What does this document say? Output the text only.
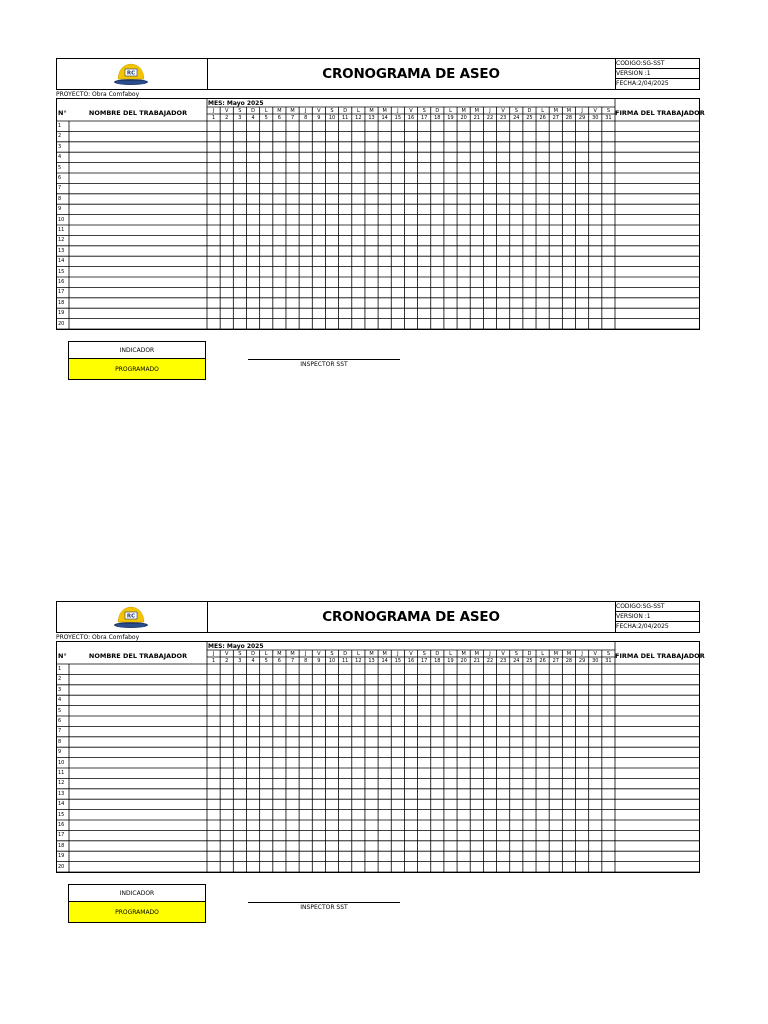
RC	CRONOGRAMA DE ASEO
CODIGO:SG-SST
VERSION :1
FECHA:2/04/2025
PROYECTO: Obra Comfaboy
MES: Mayo 2025
N°	NOMBRE DEL TRABAJADOR	FIRMA DEL TRABAJADOR
J	V	S	D	L	M	M	J	V	S	D	L	M	M	J	V	S	D	L	M	M	J	V	S	D	L	M	M	J	V	S
1	2	3	4	5	6	7	8	9	10	11	12	13	14	15	16	17	18	19	20	21	22	23	24	25	26	27	28	29	30	31
1
2
3
4
5
6
7
8
9
10
11
12
13
14
15
16
17
18
19
20
INDICADOR
PROGRAMADO
INSPECTOR SST
RC	CRONOGRAMA DE ASEO
CODIGO:SG-SST
VERSION :1
FECHA:2/04/2025
PROYECTO: Obra Comfaboy
MES: Mayo 2025
N°	NOMBRE DEL TRABAJADOR	FIRMA DEL TRABAJADOR
J	V	S	D	L	M	M	J	V	S	D	L	M	M	J	V	S	D	L	M	M	J	V	S	D	L	M	M	J	V	S
1	2	3	4	5	6	7	8	9	10	11	12	13	14	15	16	17	18	19	20	21	22	23	24	25	26	27	28	29	30	31
1
2
3
4
5
6
7
8
9
10
11
12
13
14
15
16
17
18
19
20
INDICADOR
PROGRAMADO
INSPECTOR SST
